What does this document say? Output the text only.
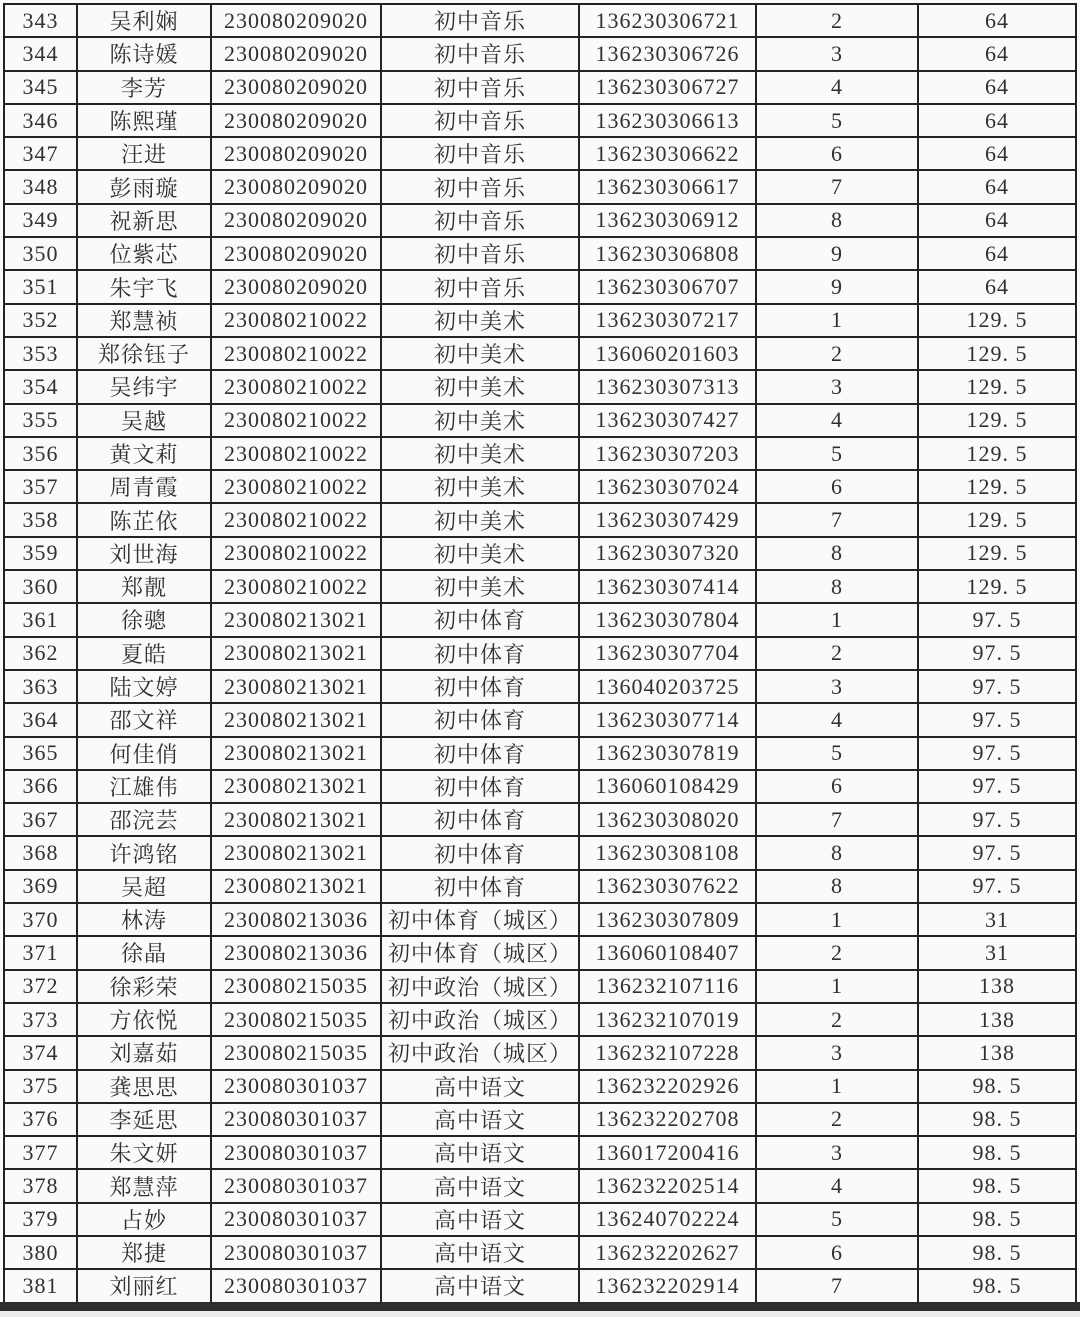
343	吴利娴	230080209020	初中音乐	136230306721	2	64
344	陈诗媛	230080209020	初中音乐	136230306726	3	64
345	李芳	230080209020	初中音乐	136230306727	4	64
346	陈熙瑾	230080209020	初中音乐	136230306613	5	64
347	汪进	230080209020	初中音乐	136230306622	6	64
348	彭雨璇	230080209020	初中音乐	136230306617	7	64
349	祝新思	230080209020	初中音乐	136230306912	8	64
350	位紫芯	230080209020	初中音乐	136230306808	9	64
351	朱宇飞	230080209020	初中音乐	136230306707	9	64
352	郑慧祯	230080210022	初中美术	136230307217	1	129. 5
353	郑徐钰子	230080210022	初中美术	136060201603	2	129. 5
354	吴纬宇	230080210022	初中美术	136230307313	3	129. 5
355	吴越	230080210022	初中美术	136230307427	4	129. 5
356	黄文莉	230080210022	初中美术	136230307203	5	129. 5
357	周青霞	230080210022	初中美术	136230307024	6	129. 5
358	陈芷依	230080210022	初中美术	136230307429	7	129. 5
359	刘世海	230080210022	初中美术	136230307320	8	129. 5
360	郑靓	230080210022	初中美术	136230307414	8	129. 5
361	徐骢	230080213021	初中体育	136230307804	1	97. 5
362	夏皓	230080213021	初中体育	136230307704	2	97. 5
363	陆文婷	230080213021	初中体育	136040203725	3	97. 5
364	邵文祥	230080213021	初中体育	136230307714	4	97. 5
365	何佳俏	230080213021	初中体育	136230307819	5	97. 5
366	江雄伟	230080213021	初中体育	136060108429	6	97. 5
367	邵浣芸	230080213021	初中体育	136230308020	7	97. 5
368	许鸿铭	230080213021	初中体育	136230308108	8	97. 5
369	吴超	230080213021	初中体育	136230307622	8	97. 5
370	林涛	230080213036	初中体育（城区）	136230307809	1	31
371	徐晶	230080213036	初中体育（城区）	136060108407	2	31
372	徐彩荣	230080215035	初中政治（城区）	136232107116	1	138
373	方依悦	230080215035	初中政治（城区）	136232107019	2	138
374	刘嘉茹	230080215035	初中政治（城区）	136232107228	3	138
375	龚思思	230080301037	高中语文	136232202926	1	98. 5
376	李延思	230080301037	高中语文	136232202708	2	98. 5
377	朱文妍	230080301037	高中语文	136017200416	3	98. 5
378	郑慧萍	230080301037	高中语文	136232202514	4	98. 5
379	占妙	230080301037	高中语文	136240702224	5	98. 5
380	郑捷	230080301037	高中语文	136232202627	6	98. 5
381	刘丽红	230080301037	高中语文	136232202914	7	98. 5
